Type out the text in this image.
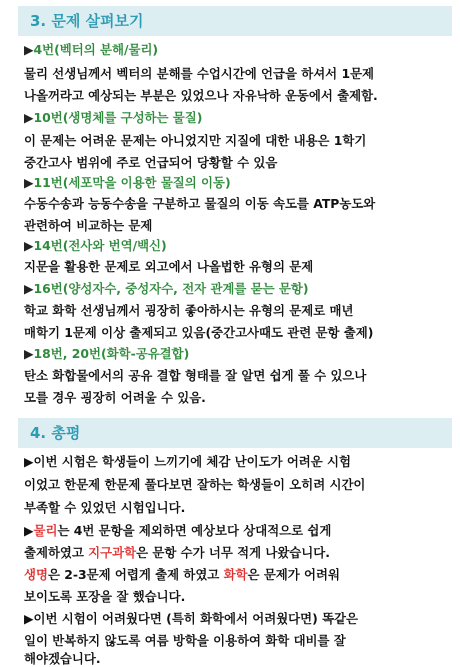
3. 문제 살펴보기
▶4번(벡터의 분해/물리)
물리 선생님께서 벡터의 분해를 수업시간에 언급을 하셔서 1문제
나올꺼라고 예상되는 부분은 있었으나 자유낙하 운동에서 출제함.
▶10번(생명체를 구성하는 물질)
이 문제는 어려운 문제는 아니었지만 지질에 대한 내용은 1학기
중간고사 범위에 주로 언급되어 당황할 수 있음
▶11번(세포막을 이용한 물질의 이동)
수동수송과 능동수송을 구분하고 물질의 이동 속도를 ATP농도와
관련하여 비교하는 문제
▶14번(전사와 번역/백신)
지문을 활용한 문제로 외고에서 나올법한 유형의 문제
▶16번(양성자수, 중성자수, 전자 관계를 묻는 문항)
학교 화학 선생님께서 굉장히 좋아하시는 유형의 문제로 매년
매학기 1문제 이상 출제되고 있음(중간고사때도 관련 문항 출제)
▶18번, 20번(화학-공유결합)
탄소 화합물에서의 공유 결합 형태를 잘 알면 쉽게 풀 수 있으나
모를 경우 굉장히 어려울 수 있음.
4. 총평
▶이번 시험은 학생들이 느끼기에 체감 난이도가 어려운 시험
이었고 한문제 한문제 풀다보면 잘하는 학생들이 오히려 시간이
부족할 수 있었던 시험입니다.
▶물리는 4번 문항을 제외하면 예상보다 상대적으로 쉽게
출제하였고 지구과학은 문항 수가 너무 적게 나왔습니다.
생명은 2-3문제 어렵게 출제 하였고 화학은 문제가 어려워
보이도록 포장을 잘 했습니다.
▶이번 시험이 어려웠다면 (특히 화학에서 어려웠다면) 똑같은
일이 반복하지 않도록 여름 방학을 이용하여 화학 대비를 잘
해야겠습니다.
